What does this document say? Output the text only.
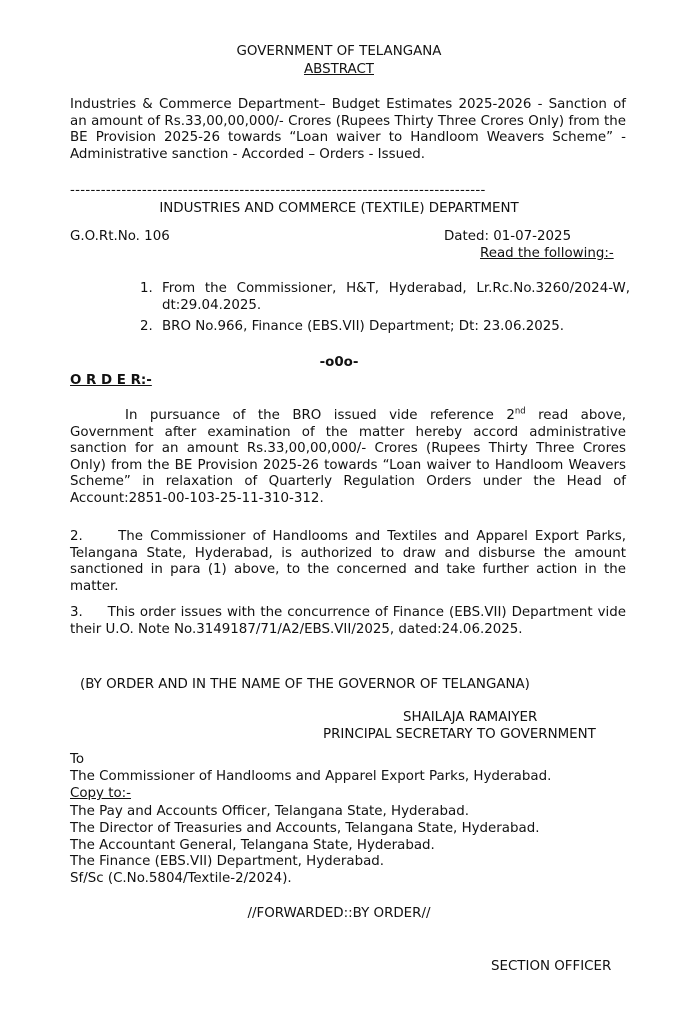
GOVERNMENT OF TELANGANA
ABSTRACT

Industries & Commerce Department– Budget Estimates 2025-2026 - Sanction of an amount of Rs.33,00,00,000/- Crores (Rupees Thirty Three Crores Only) from the BE Provision 2025-26 towards “Loan waiver to Handloom Weavers Scheme” - Administrative sanction - Accorded – Orders - Issued.

---------------------------------------------------------------------------------
INDUSTRIES AND COMMERCE (TEXTILE) DEPARTMENT
G.O.Rt.No. 106	Dated: 01-07-2025
Read the following:-
1. From the Commissioner, H&T, Hyderabad, Lr.Rc.No.3260/2024-W, dt:29.04.2025.

2. BRO No.966, Finance (EBS.VII) Department; Dt: 23.06.2025.

-o0o-
O R D E R:-

In pursuance of the BRO issued vide reference 2nd read above, Government after examination of the matter hereby accord administrative sanction for an amount Rs.33,00,00,000/- Crores (Rupees Thirty Three Crores Only) from the BE Provision 2025-26 towards “Loan waiver to Handloom Weavers Scheme” in relaxation of Quarterly Regulation Orders under the Head of Account:2851-00-103-25-11-310-312.

2.     The Commissioner of Handlooms and Textiles and Apparel Export Parks, Telangana State, Hyderabad, is authorized to draw and disburse the amount sanctioned in para (1) above, to the concerned and take further action in the matter.

3.     This order issues with the concurrence of Finance (EBS.VII) Department vide their U.O. Note No.3149187/71/A2/EBS.VII/2025, dated:24.06.2025.

(BY ORDER AND IN THE NAME OF THE GOVERNOR OF TELANGANA)
SHAILAJA RAMAIYER
PRINCIPAL SECRETARY TO GOVERNMENT
To
The Commissioner of Handlooms and Apparel Export Parks, Hyderabad.
Copy to:-
The Pay and Accounts Officer, Telangana State, Hyderabad.
The Director of Treasuries and Accounts, Telangana State, Hyderabad.
The Accountant General, Telangana State, Hyderabad.
The Finance (EBS.VII) Department, Hyderabad.
Sf/Sc (C.No.5804/Textile-2/2024).
//FORWARDED::BY ORDER//
SECTION OFFICER
